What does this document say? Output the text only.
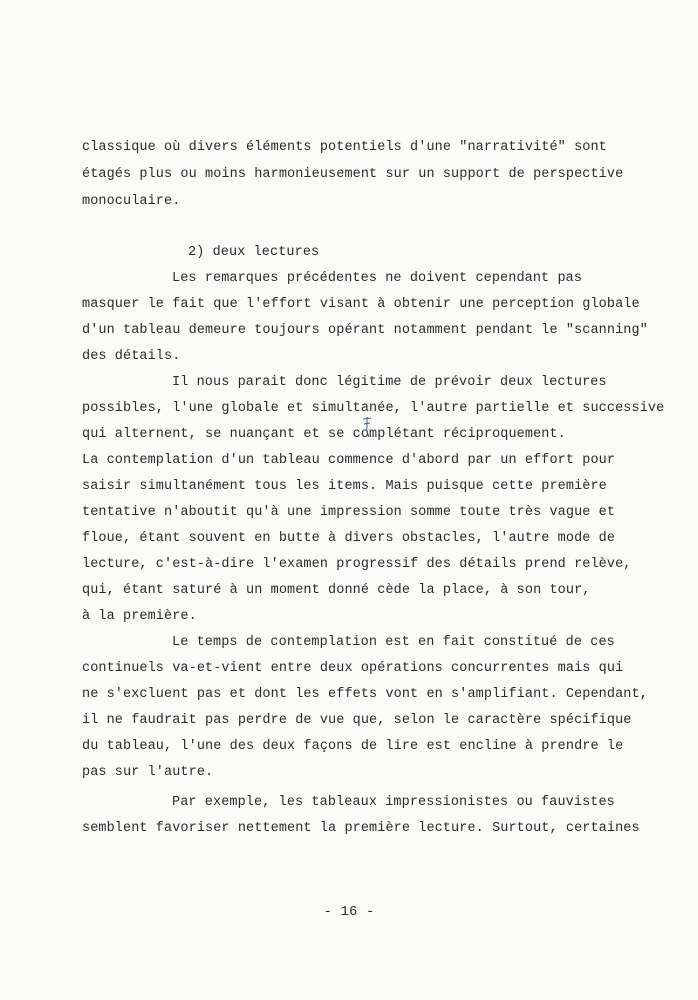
classique où divers éléments potentiels d'une "narrativité" sont
étagés plus ou moins harmonieusement sur un support de perspective
monoculaire.
2) deux lectures
Les remarques précédentes ne doivent cependant pas
masquer le fait que l'effort visant à obtenir une perception globale
d'un tableau demeure toujours opérant notamment pendant le "scanning"
des détails.
Il nous parait donc légitime de prévoir deux lectures
possibles, l'une globale et simultanée, l'autre partielle et successive
qui alternent, se nuançant et se complétant réciproquement.
La contemplation d'un tableau commence d'abord par un effort pour
saisir simultanément tous les items. Mais puisque cette première
tentative n'aboutit qu'à une impression somme toute très vague et
floue, étant souvent en butte à divers obstacles, l'autre mode de
lecture, c'est-à-dire l'examen progressif des détails prend relève,
qui, étant saturé à un moment donné cède la place, à son tour,
à la première.
Le temps de contemplation est en fait constitué de ces
continuels va-et-vient entre deux opérations concurrentes mais qui
ne s'excluent pas et dont les effets vont en s'amplifiant. Cependant,
il ne faudrait pas perdre de vue que, selon le caractère spécifique
du tableau, l'une des deux façons de lire est encline à prendre le
pas sur l'autre.
Par exemple, les tableaux impressionistes ou fauvistes
semblent favoriser nettement la première lecture. Surtout, certaines
- 16 -
